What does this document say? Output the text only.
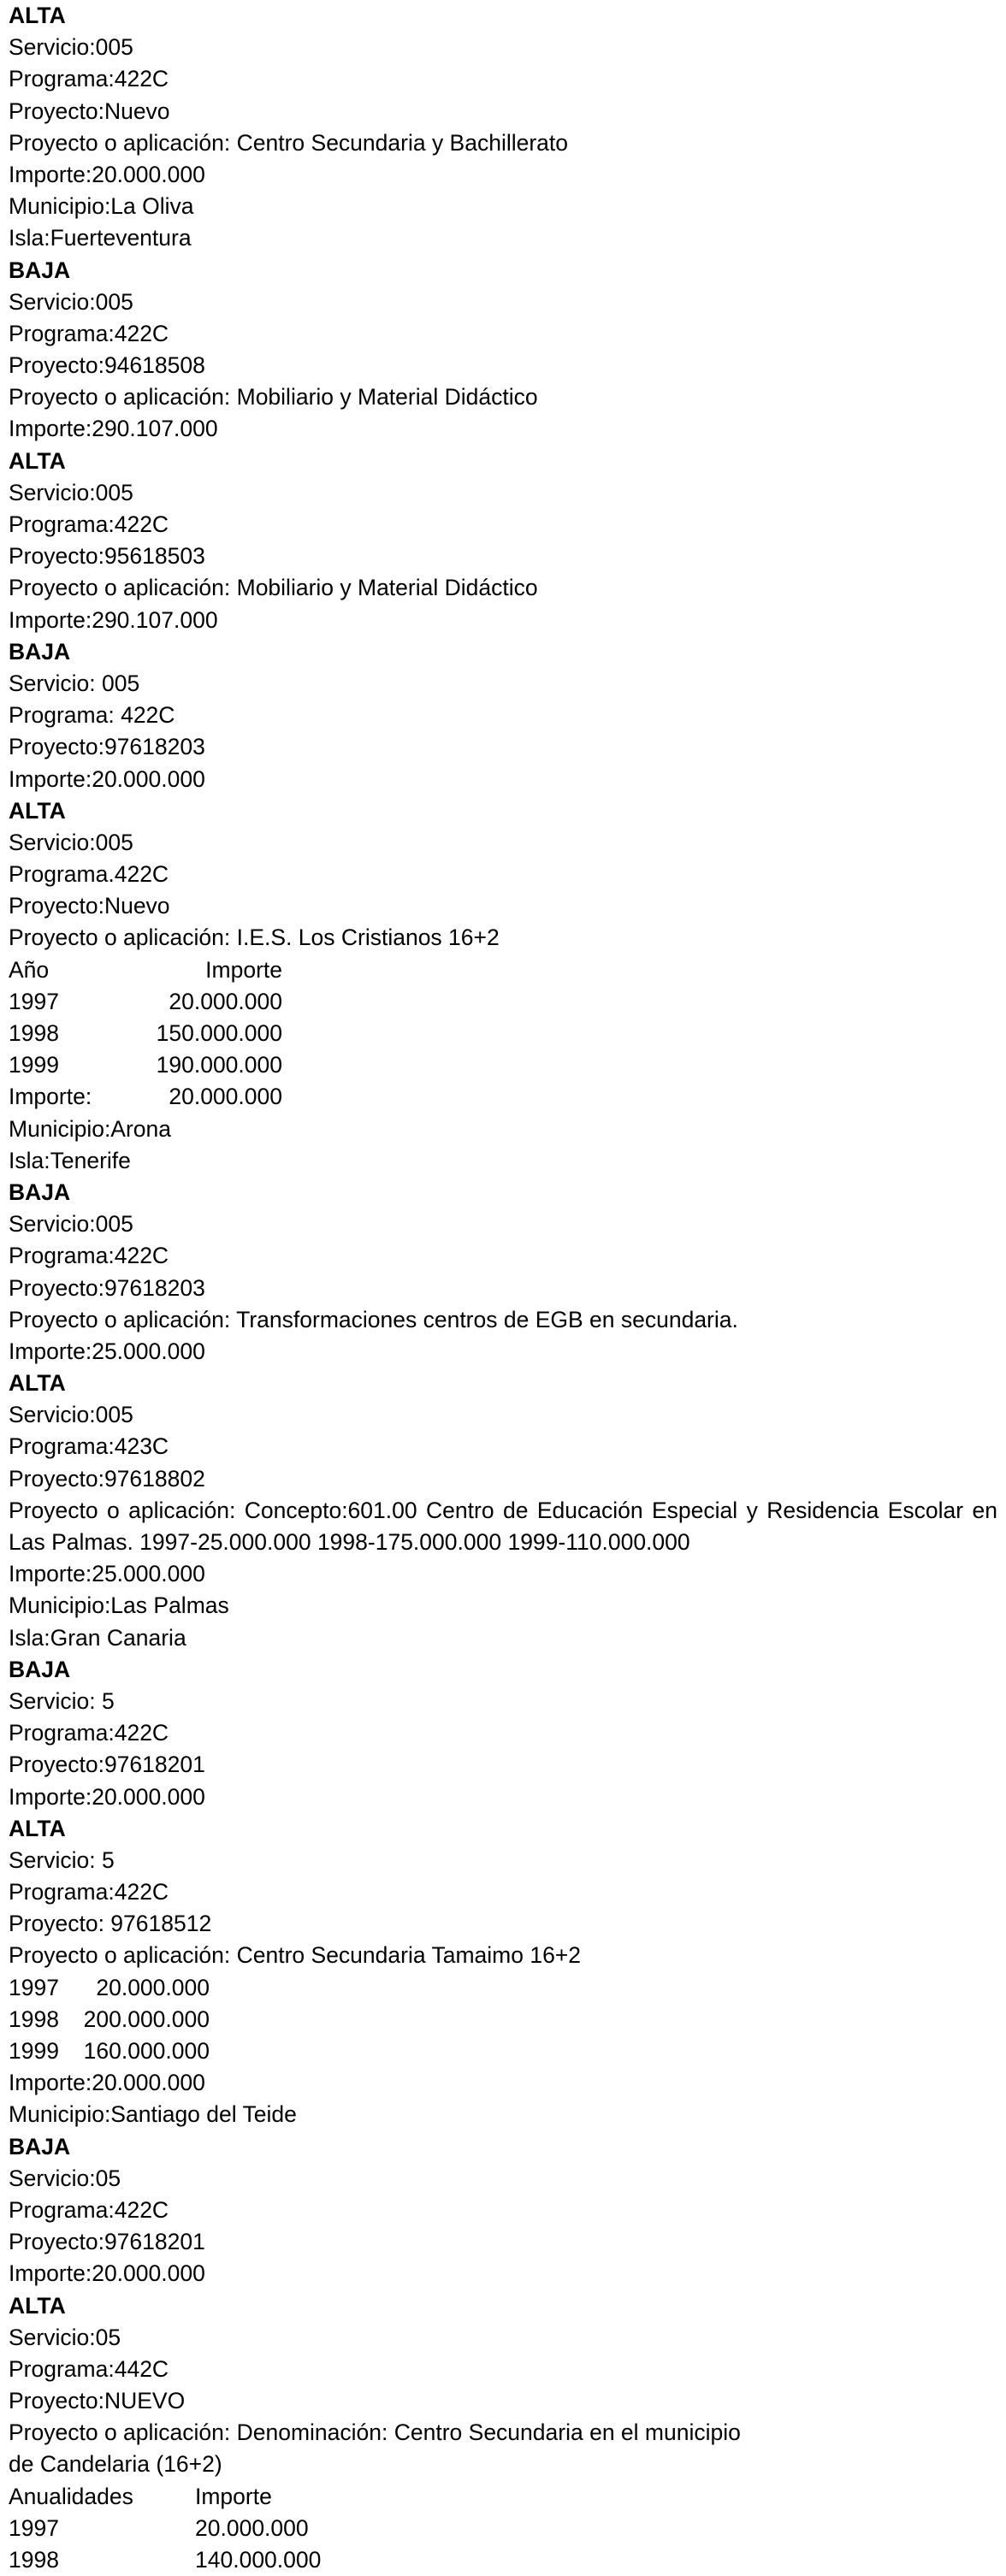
ALTA
Servicio:005
Programa:422C
Proyecto:Nuevo
Proyecto o aplicación: Centro Secundaria y Bachillerato
Importe:20.000.000
Municipio:La Oliva
Isla:Fuerteventura
BAJA
Servicio:005
Programa:422C
Proyecto:94618508
Proyecto o aplicación: Mobiliario y Material Didáctico
Importe:290.107.000
ALTA
Servicio:005
Programa:422C
Proyecto:95618503
Proyecto o aplicación: Mobiliario y Material Didáctico
Importe:290.107.000
BAJA
Servicio: 005
Programa: 422C
Proyecto:97618203
Importe:20.000.000
ALTA
Servicio:005
Programa.422C
Proyecto:Nuevo
Proyecto o aplicación: I.E.S. Los Cristianos 16+2
Año	Importe
1997	20.000.000
1998	150.000.000
1999	190.000.000
Importe:	20.000.000
Municipio:Arona
Isla:Tenerife
BAJA
Servicio:005
Programa:422C
Proyecto:97618203
Proyecto o aplicación: Transformaciones centros de EGB en secundaria.
Importe:25.000.000
ALTA
Servicio:005
Programa:423C
Proyecto:97618802
Proyecto o aplicación: Concepto:601.00 Centro de Educación Especial y Residencia Escolar en Las Palmas. 1997-25.000.000 1998-175.000.000 1999-110.000.000
Importe:25.000.000
Municipio:Las Palmas
Isla:Gran Canaria
BAJA
Servicio: 5
Programa:422C
Proyecto:97618201
Importe:20.000.000
ALTA
Servicio: 5
Programa:422C
Proyecto: 97618512
Proyecto o aplicación: Centro Secundaria Tamaimo 16+2
1997	20.000.000
1998	200.000.000
1999	160.000.000
Importe:20.000.000
Municipio:Santiago del Teide
BAJA
Servicio:05
Programa:422C
Proyecto:97618201
Importe:20.000.000
ALTA
Servicio:05
Programa:442C
Proyecto:NUEVO
Proyecto o aplicación: Denominación: Centro Secundaria en el municipio
de Candelaria (16+2)
Anualidades	Importe
1997	20.000.000
1998	140.000.000
